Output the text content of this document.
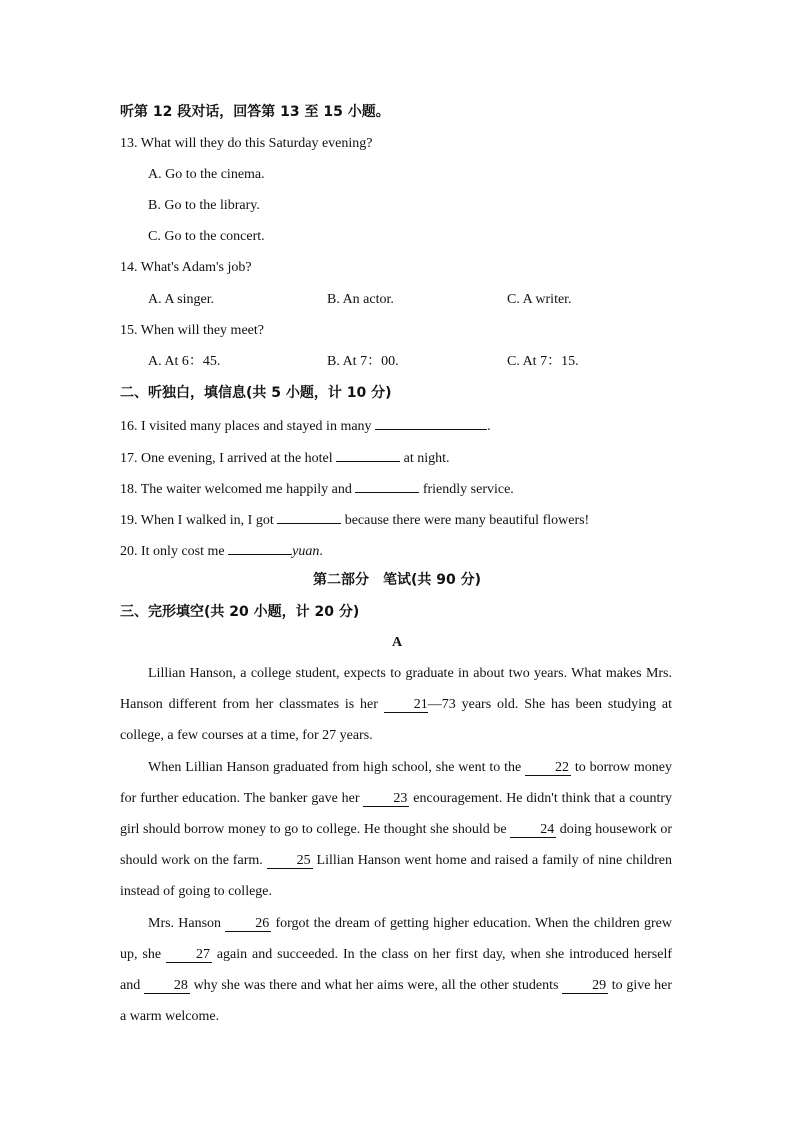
听第 12 段对话，回答第 13 至 15 小题。
13. What will they do this Saturday evening?
A. Go to the cinema.
B. Go to the library.
C. Go to the concert.
14. What's Adam's job?
A. A singer.	B. An actor.	C. A writer.
15. When will they meet?
A. At 6：45.	B. At 7：00.	C. At 7：15.
二、听独白，填信息(共 5 小题，计 10 分)
16. I visited many places and stayed in many	.
17. One evening, I arrived at the hotel	at night.
18. The waiter welcomed me happily and	friendly service.
19. When I walked in, I got	because there were many beautiful flowers!
20. It only cost me	yuan.
第二部分　笔试(共 90 分)
三、完形填空(共 20 小题，计 20 分)
A

Lillian Hanson, a college student, expects to graduate in about two years. What makes Mrs. Hanson different from her classmates is her 21—73 years old. She has been studying at college, a few courses at a time, for 27 years.

When Lillian Hanson graduated from high school, she went to the 22 to borrow money for further education. The banker gave her 23 encouragement. He didn't think that a country girl should borrow money to go to college. He thought she should be 24 doing housework or should work on the farm. 25 Lillian Hanson went home and raised a family of nine children instead of going to college.

Mrs. Hanson 26 forgot the dream of getting higher education. When the children grew up, she 27 again and succeeded. In the class on her first day, when she introduced herself and 28 why she was there and what her aims were, all the other students 29 to give her a warm welcome.
